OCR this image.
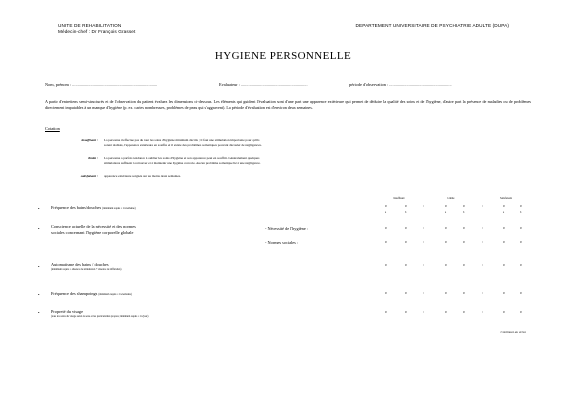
UNITE DE REHABILITATION
Médecin-chef : Dr François Grasset
DEPARTEMENT UNIVERSITAIRE DE PSYCHIATRIE ADULTE (DUPA)
HYGIENE PERSONNELLE
Nom, prénom : ...............................................................................	Evaluateur : ..............................................................	période d'observation : ..........................................................
A partir d'entretiens semi-structurés et de l'observation du patient évaluez les dimensions ci-dessous. Les éléments qui guident l'évaluation sont d'une part une apparence extérieure qui permet de déduire la qualité des soins et de l'hygiène, d'autre part la présence de maladies ou de problèmes directement imputables à un manque d'hygiène (p. ex. caries nombreuses, problèmes de peau qui s'aggravent). La période d'évaluation est d'environ deux semaines.
Cotation
insuffisant : La personne n'effectue pas du tout les soins d'hygiène minimum décrits ; il faut une stimulation importante pour qu'ils
soient réalisés, l'apparence extérieure en souffre et il existe des problèmes somatiques pouvant découler de négligences.
limite : La personne a parfois tendance à oublier les soins d'hygiène et son apparence peut en souffrir. Généralement quelques
stimulations suffisent à retrouver et à maintenir une hygiène correcte. Aucun problème somatique lié à une négligence.
satisfaisant : apparence extérieure soignée sur au moins deux semaines.
Insuffisant	Limite	Satisfaisant
•	Fréquence des bains/douches (minimum requis = 1x/semaine)
0	0	/	0	0	/	0	0
a	b	a	b	a	b
•	Conscience actuelle de la nécessité et des normes
sociales concernant l'hygiène corporelle globale
- Nécessité de l'hygiène :
- Normes sociales :
0	0	/	0	0	/	0	0
0	0	/	0	0	/	0	0
•	Automatisme des bains / douches
(minimum requis = absence de stimulation + absence de difficultés)
0	0	/	0	0	/	0	0
•	Fréquence des shampoings (minimum requis = 1x/semaine)	0	0	/	0	0	/	0	0
•	Propreté du visage
(tous les soins du visage selon le sexe et les particularités propres; minimum requis = 1x/jour)
0	0	/	0	0	/	0	0
Continuez au verso
